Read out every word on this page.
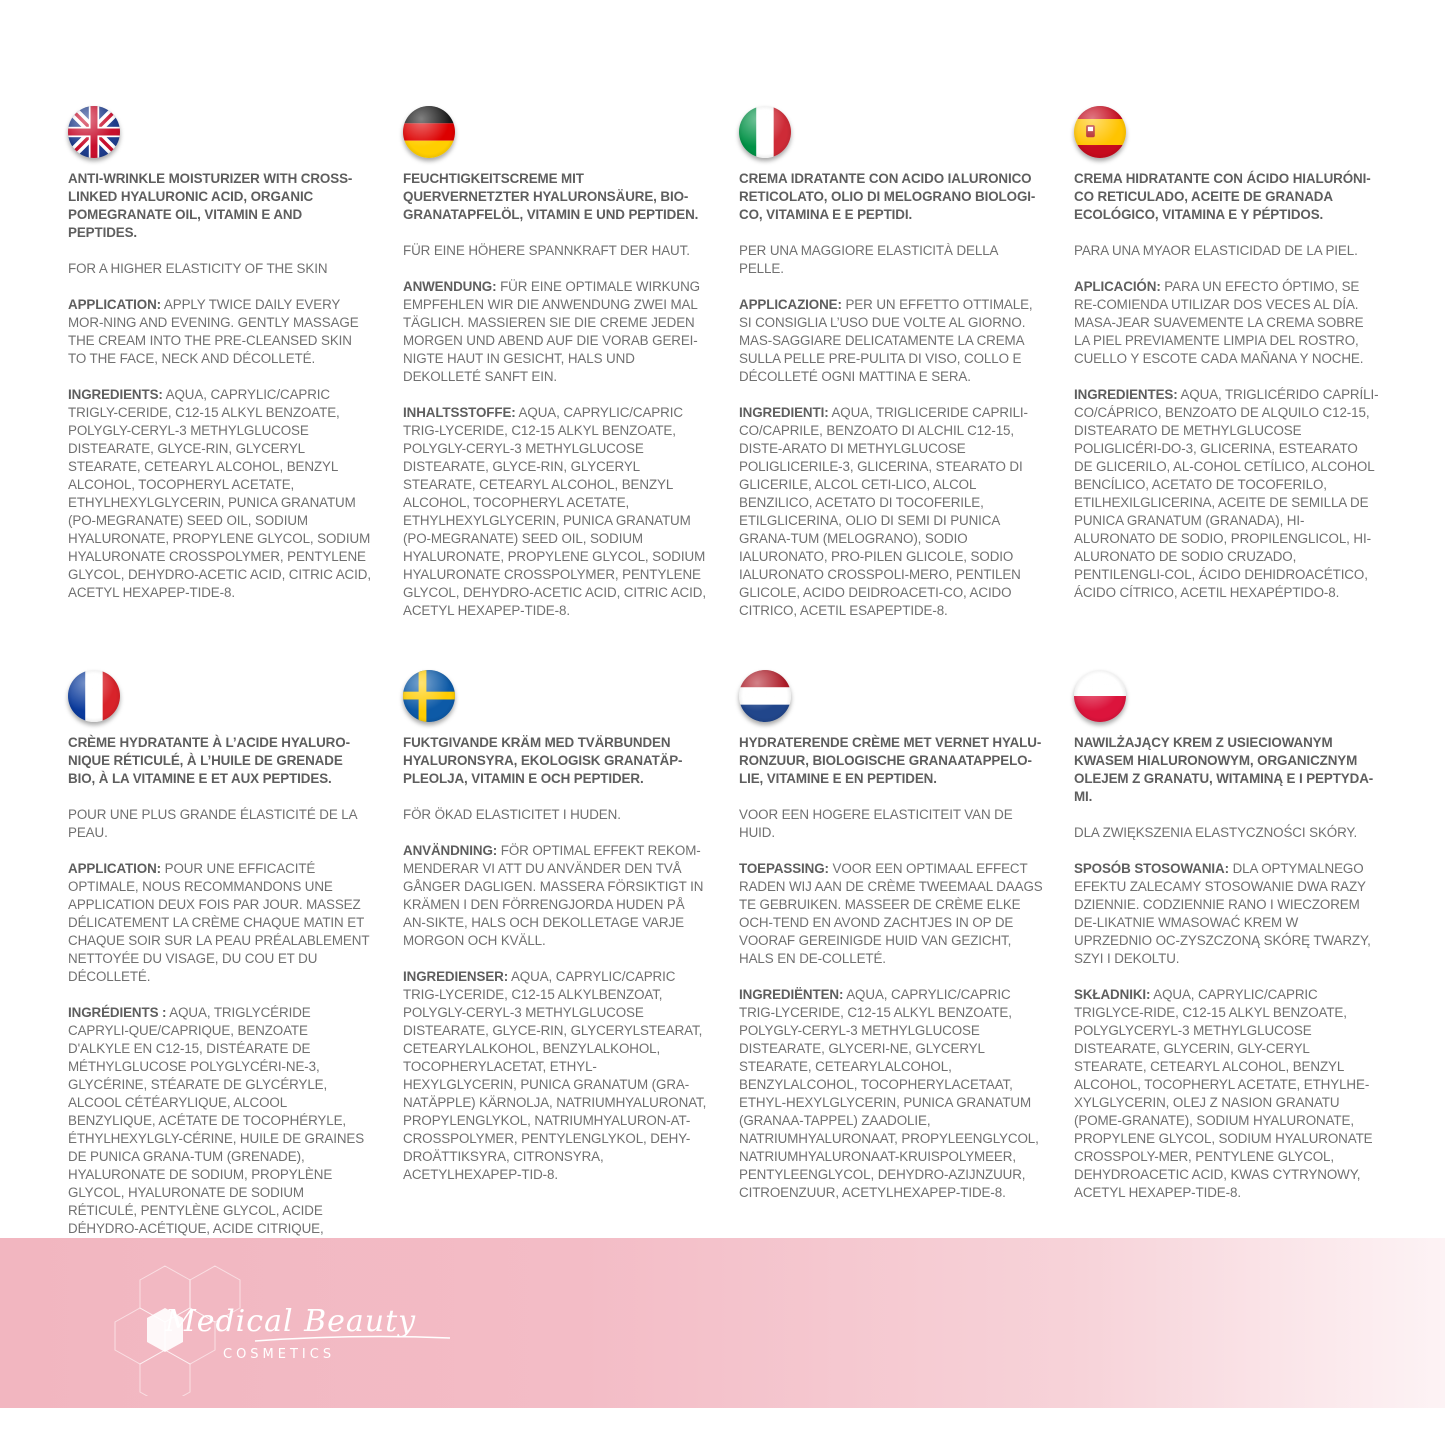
ANTI-WRINKLE MOISTURIZER WITH CROSS-LINKED HYALURONIC ACID, ORGANIC POMEGRANATE OIL, VITAMIN E AND PEPTIDES.
FOR A HIGHER ELASTICITY OF THE SKIN
APPLICATION: APPLY TWICE DAILY EVERY MOR-NING AND EVENING. GENTLY MASSAGE THE CREAM INTO THE PRE-CLEANSED SKIN TO THE FACE, NECK AND DÉCOLLETÉ.
INGREDIENTS: AQUA, CAPRYLIC/CAPRIC TRIGLY-CERIDE, C12-15 ALKYL BENZOATE, POLYGLY-CERYL-3 METHYLGLUCOSE DISTEARATE, GLYCE-RIN, GLYCERYL STEARATE, CETEARYL ALCOHOL, BENZYL ALCOHOL, TOCOPHERYL ACETATE, ETHYLHEXYLGLYCERIN, PUNICA GRANATUM (PO-MEGRANATE) SEED OIL, SODIUM HYALURONATE, PROPYLENE GLYCOL, SODIUM HYALURONATE CROSSPOLYMER, PENTYLENE GLYCOL, DEHYDRO-ACETIC ACID, CITRIC ACID, ACETYL HEXAPEP-TIDE-8.
FEUCHTIGKEITSCREME MIT QUERVERNETZTER HYALURONSÄURE, BIO-GRANATAPFELÖL, VITAMIN E UND PEPTIDEN.
FÜR EINE HÖHERE SPANNKRAFT DER HAUT.
ANWENDUNG: FÜR EINE OPTIMALE WIRKUNG EMPFEHLEN WIR DIE ANWENDUNG ZWEI MAL TÄGLICH. MASSIEREN SIE DIE CREME JEDEN MORGEN UND ABEND AUF DIE VORAB GEREI-NIGTE HAUT IN GESICHT, HALS UND DEKOLLETÉ SANFT EIN.
INHALTSSTOFFE: AQUA, CAPRYLIC/CAPRIC TRIG-LYCERIDE, C12-15 ALKYL BENZOATE, POLYGLY-CERYL-3 METHYLGLUCOSE DISTEARATE, GLYCE-RIN, GLYCERYL STEARATE, CETEARYL ALCOHOL, BENZYL ALCOHOL, TOCOPHERYL ACETATE, ETHYLHEXYLGLYCERIN, PUNICA GRANATUM (PO-MEGRANATE) SEED OIL, SODIUM HYALURONATE, PROPYLENE GLYCOL, SODIUM HYALURONATE CROSSPOLYMER, PENTYLENE GLYCOL, DEHYDRO-ACETIC ACID, CITRIC ACID, ACETYL HEXAPEP-TIDE-8.
CREMA IDRATANTE CON ACIDO IALURONICO RETICOLATO, OLIO DI MELOGRANO BIOLOGI-CO, VITAMINA E E PEPTIDI.
PER UNA MAGGIORE ELASTICITÀ DELLA PELLE.
APPLICAZIONE: PER UN EFFETTO OTTIMALE, SI CONSIGLIA L’USO DUE VOLTE AL GIORNO. MAS-SAGGIARE DELICATAMENTE LA CREMA SULLA PELLE PRE-PULITA DI VISO, COLLO E DÉCOLLETÉ OGNI MATTINA E SERA.
INGREDIENTI: AQUA, TRIGLICERIDE CAPRILI-CO/CAPRILE, BENZOATO DI ALCHIL C12-15, DISTE-ARATO DI METHYLGLUCOSE POLIGLICERILE-3, GLICERINA, STEARATO DI GLICERILE, ALCOL CETI-LICO, ALCOL BENZILICO, ACETATO DI TOCOFERILE, ETILGLICERINA, OLIO DI SEMI DI PUNICA GRANA-TUM (MELOGRANO), SODIO IALURONATO, PRO-PILEN GLICOLE, SODIO IALURONATO CROSSPOLI-MERO, PENTILEN GLICOLE, ACIDO DEIDROACETI-CO, ACIDO CITRICO, ACETIL ESAPEPTIDE-8.
CREMA HIDRATANTE CON ÁCIDO HIALURÓNI-CO RETICULADO, ACEITE DE GRANADA ECOLÓGICO, VITAMINA E Y PÉPTIDOS.
PARA UNA MYAOR ELASTICIDAD DE LA PIEL.
APLICACIÓN: PARA UN EFECTO ÓPTIMO, SE RE-COMIENDA UTILIZAR DOS VECES AL DÍA. MASA-JEAR SUAVEMENTE LA CREMA SOBRE LA PIEL PREVIAMENTE LIMPIA DEL ROSTRO, CUELLO Y ESCOTE CADA MAÑANA Y NOCHE.
INGREDIENTES: AQUA, TRIGLICÉRIDO CAPRÍLI-CO/CÁPRICO, BENZOATO DE ALQUILO C12-15, DISTEARATO DE METHYLGLUCOSE POLIGLICÉRI-DO-3, GLICERINA, ESTEARATO DE GLICERILO, AL-COHOL CETÍLICO, ALCOHOL BENCÍLICO, ACETATO DE TOCOFERILO, ETILHEXILGLICERINA, ACEITE DE SEMILLA DE PUNICA GRANATUM (GRANADA), HI-ALURONATO DE SODIO, PROPILENGLICOL, HI-ALURONATO DE SODIO CRUZADO, PENTILENGLI-COL, ÁCIDO DEHIDROACÉTICO, ÁCIDO CÍTRICO, ACETIL HEXAPÉPTIDO-8.
CRÈME HYDRATANTE À L’ACIDE HYALURO-NIQUE RÉTICULÉ, À L’HUILE DE GRENADE BIO, À LA VITAMINE E ET AUX PEPTIDES.
POUR UNE PLUS GRANDE ÉLASTICITÉ DE LA PEAU.
APPLICATION: POUR UNE EFFICACITÉ OPTIMALE, NOUS RECOMMANDONS UNE APPLICATION DEUX FOIS PAR JOUR. MASSEZ DÉLICATEMENT LA CRÈME CHAQUE MATIN ET CHAQUE SOIR SUR LA PEAU PRÉALABLEMENT NETTOYÉE DU VISAGE, DU COU ET DU DÉCOLLETÉ.
INGRÉDIENTS : AQUA, TRIGLYCÉRIDE CAPRYLI-QUE/CAPRIQUE, BENZOATE D'ALKYLE EN C12-15, DISTÉARATE DE MÉTHYLGLUCOSE POLYGLYCÉRI-NE-3, GLYCÉRINE, STÉARATE DE GLYCÉRYLE, ALCOOL CÉTÉARYLIQUE, ALCOOL BENZYLIQUE, ACÉTATE DE TOCOPHÉRYLE, ÉTHYLHEXYLGLY-CÉRINE, HUILE DE GRAINES DE PUNICA GRANA-TUM (GRENADE), HYALURONATE DE SODIUM, PROPYLÈNE GLYCOL, HYALURONATE DE SODIUM RÉTICULÉ, PENTYLÈNE GLYCOL, ACIDE DÉHYDRO-ACÉTIQUE, ACIDE CITRIQUE,
FUKTGIVANDE KRÄM MED TVÄRBUNDEN HYALURONSYRA, EKOLOGISK GRANATÄP-PLEOLJA, VITAMIN E OCH PEPTIDER.
FÖR ÖKAD ELASTICITET I HUDEN.
ANVÄNDNING: FÖR OPTIMAL EFFEKT REKOM-MENDERAR VI ATT DU ANVÄNDER DEN TVÅ GÅNGER DAGLIGEN. MASSERA FÖRSIKTIGT IN KRÄMEN I DEN FÖRRENGJORDA HUDEN PÅ AN-SIKTE, HALS OCH DEKOLLETAGE VARJE MORGON OCH KVÄLL.
INGREDIENSER: AQUA, CAPRYLIC/CAPRIC TRIG-LYCERIDE, C12-15 ALKYLBENZOAT, POLYGLY-CERYL-3 METHYLGLUCOSE DISTEARATE, GLYCE-RIN, GLYCERYLSTEARAT, CETEARYLALKOHOL, BENZYLALKOHOL, TOCOPHERYLACETAT, ETHYL-HEXYLGLYCERIN, PUNICA GRANATUM (GRA-NATÄPPLE) KÄRNOLJA, NATRIUMHYALURONAT, PROPYLENGLYKOL, NATRIUMHYALURON-AT-CROSSPOLYMER, PENTYLENGLYKOL, DEHY-DROÄTTIKSYRA, CITRONSYRA, ACETYLHEXAPEP-TID-8.
HYDRATERENDE CRÈME MET VERNET HYALU-RONZUUR, BIOLOGISCHE GRANAATAPPELO-LIE, VITAMINE E EN PEPTIDEN.
VOOR EEN HOGERE ELASTICITEIT VAN DE HUID.
TOEPASSING: VOOR EEN OPTIMAAL EFFECT RADEN WIJ AAN DE CRÈME TWEEMAAL DAAGS TE GEBRUIKEN. MASSEER DE CRÈME ELKE OCH-TEND EN AVOND ZACHTJES IN OP DE VOORAF GEREINIGDE HUID VAN GEZICHT, HALS EN DE-COLLETÉ.
INGREDIËNTEN: AQUA, CAPRYLIC/CAPRIC TRIG-LYCERIDE, C12-15 ALKYL BENZOATE, POLYGLY-CERYL-3 METHYLGLUCOSE DISTEARATE, GLYCERI-NE, GLYCERYL STEARATE, CETEARYLALCOHOL, BENZYLALCOHOL, TOCOPHERYLACETAAT, ETHYL-HEXYLGLYCERIN, PUNICA GRANATUM (GRANAA-TAPPEL) ZAADOLIE, NATRIUMHYALURONAAT, PROPYLEENGLYCOL, NATRIUMHYALURONAAT-KRUISPOLYMEER, PENTYLEENGLYCOL, DEHYDRO-AZIJNZUUR, CITROENZUUR, ACETYLHEXAPEP-TIDE-8.
NAWILŻAJĄCY KREM Z USIECIOWANYM KWASEM HIALURONOWYM, ORGANICZNYM OLEJEM Z GRANATU, WITAMINĄ E I PEPTYDA-MI.
DLA ZWIĘKSZENIA ELASTYCZNOŚCI SKÓRY.
SPOSÓB STOSOWANIA: DLA OPTYMALNEGO EFEKTU ZALECAMY STOSOWANIE DWA RAZY DZIENNIE. CODZIENNIE RANO I WIECZOREM DE-LIKATNIE WMASOWAĆ KREM W UPRZEDNIO OC-ZYSZCZONĄ SKÓRĘ TWARZY, SZYI I DEKOLTU.
SKŁADNIKI: AQUA, CAPRYLIC/CAPRIC TRIGLYCE-RIDE, C12-15 ALKYL BENZOATE, POLYGLYCERYL-3 METHYLGLUCOSE DISTEARATE, GLYCERIN, GLY-CERYL STEARATE, CETEARYL ALCOHOL, BENZYL ALCOHOL, TOCOPHERYL ACETATE, ETHYLHE-XYLGLYCERIN, OLEJ Z NASION GRANATU (POME-GRANATE), SODIUM HYALURONATE, PROPYLENE GLYCOL, SODIUM HYALURONATE CROSSPOLY-MER, PENTYLENE GLYCOL, DEHYDROACETIC ACID, KWAS CYTRYNOWY, ACETYL HEXAPEP-TIDE-8.
Medical Beauty
COSMETICS
